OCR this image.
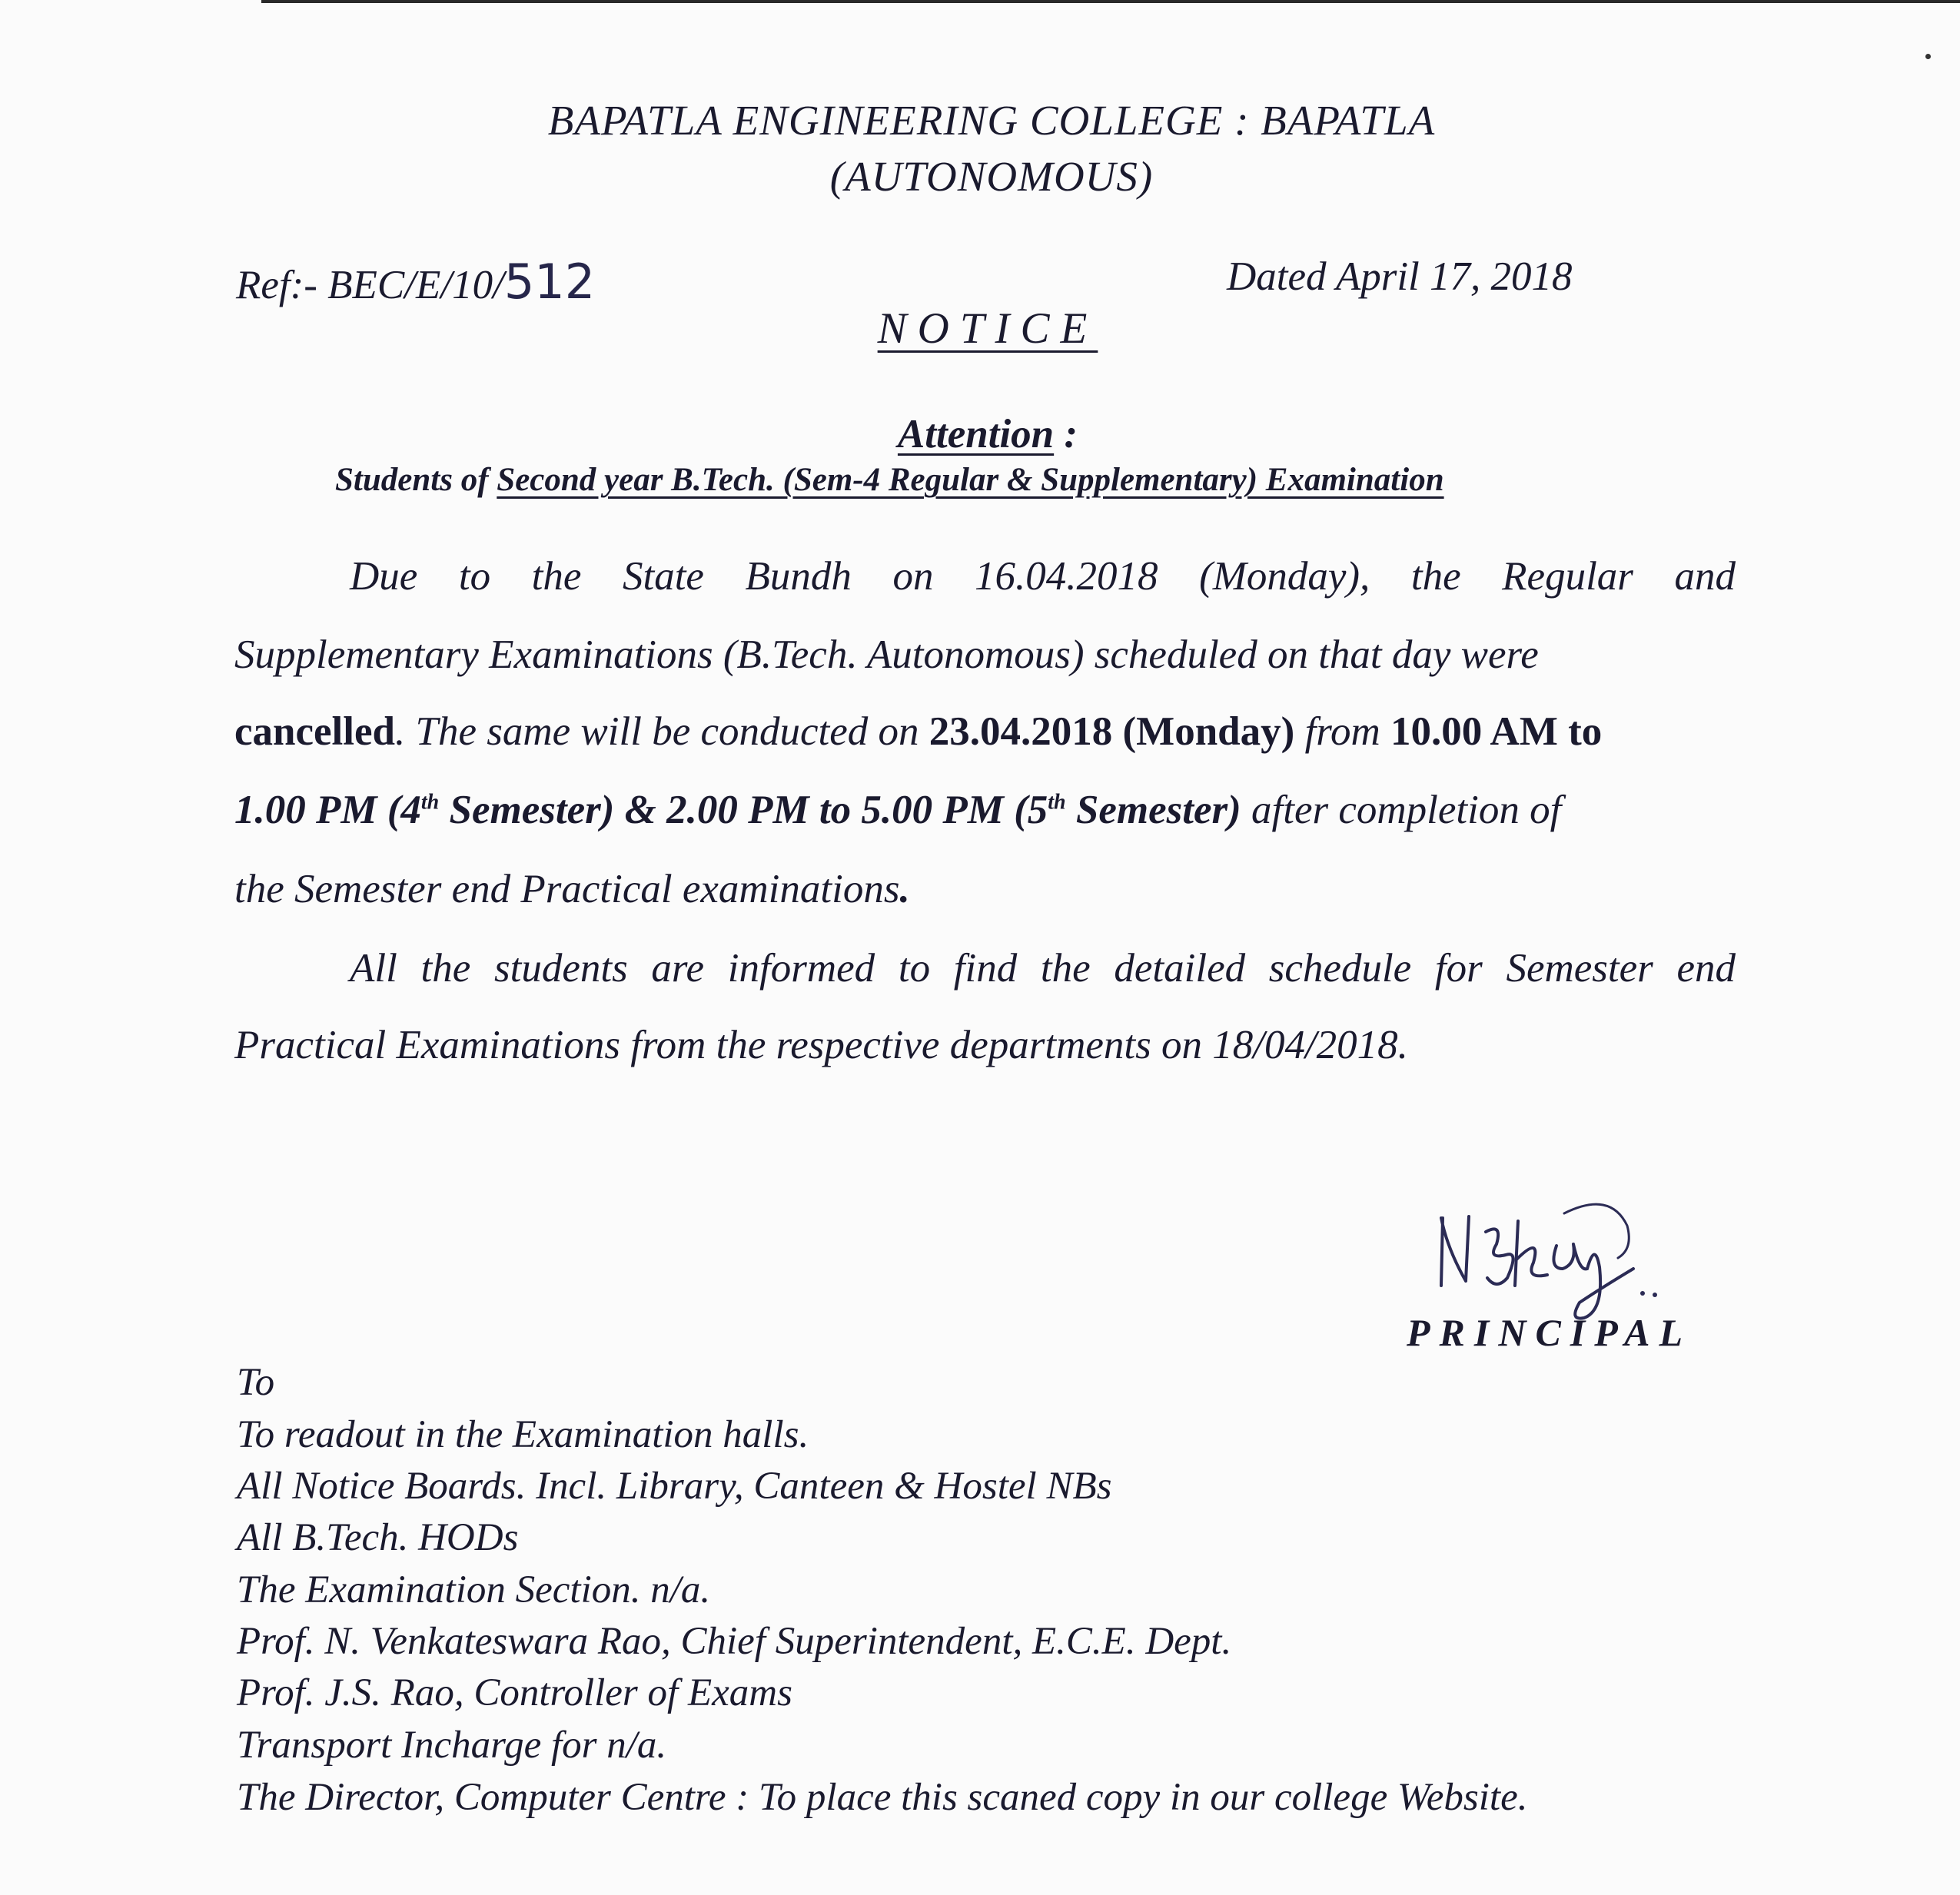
BAPATLA ENGINEERING COLLEGE : BAPATLA
(AUTONOMOUS)
Ref:- BEC/E/10/512	Dated April 17, 2018
NOTICE
Attention :
Students of Second year B.Tech. (Sem-4 Regular & Supplementary) Examination
Due to the State Bundh on 16.04.2018 (Monday), the Regular and
Supplementary Examinations (B.Tech. Autonomous) scheduled on that day were
cancelled. The same will be conducted on 23.04.2018 (Monday) from 10.00 AM to
1.00 PM (4th Semester) & 2.00 PM to 5.00 PM (5th Semester) after completion of
the Semester end Practical examinations.
All the students are informed to find the detailed schedule for Semester end
Practical Examinations from the respective departments on 18/04/2018.
PRINCIPAL
To
To readout in the Examination halls.
All Notice Boards. Incl. Library, Canteen & Hostel NBs
All B.Tech. HODs
The Examination Section. n/a.
Prof. N. Venkateswara Rao, Chief Superintendent, E.C.E. Dept.
Prof. J.S. Rao, Controller of Exams
Transport Incharge for n/a.
The Director, Computer Centre : To place this scaned copy in our college Website.
